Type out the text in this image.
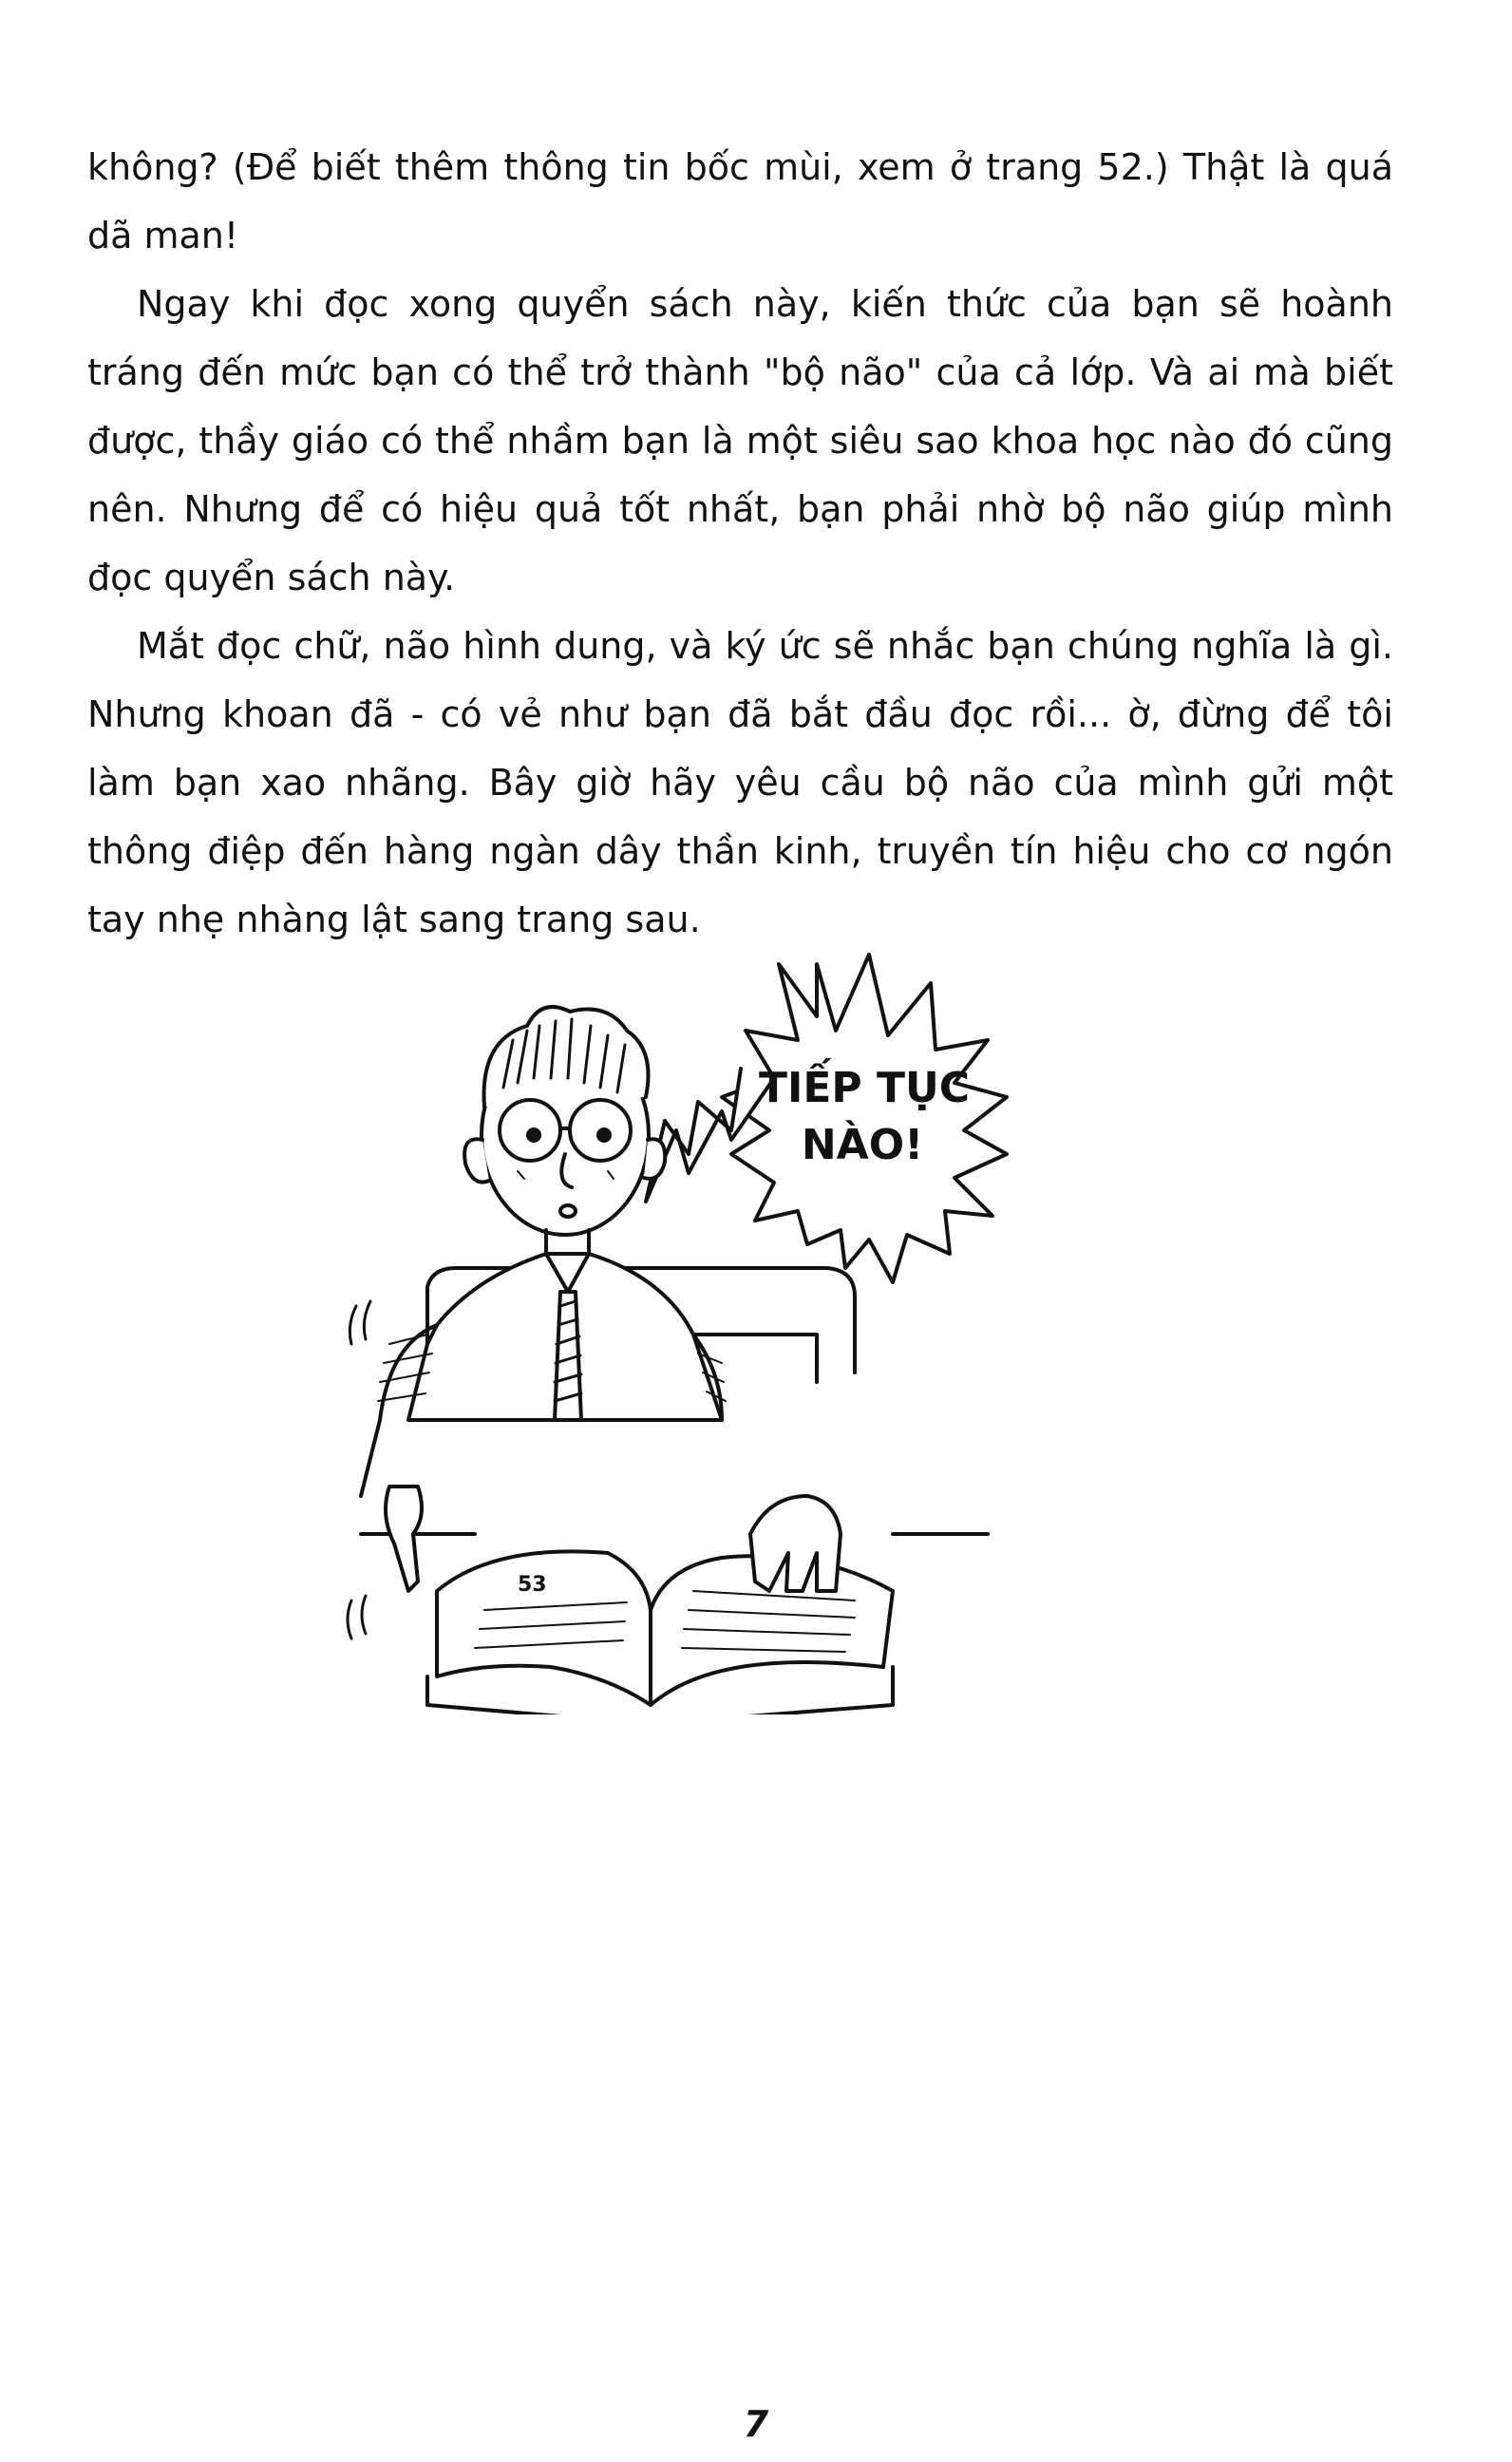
không? (Để biết thêm thông tin bốc mùi, xem ở trang 52.) Thật là quá dã man!

Ngay khi đọc xong quyển sách này, kiến thức của bạn sẽ hoành tráng đến mức bạn có thể trở thành "bộ não" của cả lớp. Và ai mà biết được, thầy giáo có thể nhầm bạn là một siêu sao khoa học nào đó cũng nên. Nhưng để có hiệu quả tốt nhất, bạn phải nhờ bộ não giúp mình đọc quyển sách này.

Mắt đọc chữ, não hình dung, và ký ức sẽ nhắc bạn chúng nghĩa là gì. Nhưng khoan đã - có vẻ như bạn đã bắt đầu đọc rồi... ờ, đừng để tôi làm bạn xao nhãng. Bây giờ hãy yêu cầu bộ não của mình gửi một thông điệp đến hàng ngàn dây thần kinh, truyền tín hiệu cho cơ ngón tay nhẹ nhàng lật sang trang sau.

TIẾP TỤC
NÀO!
53
7
